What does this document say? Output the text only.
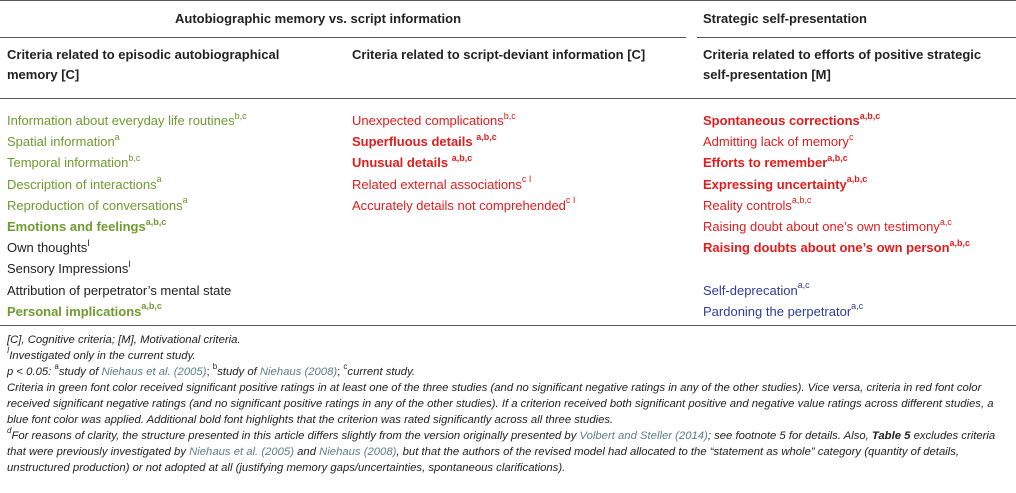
Autobiographic memory vs. script information	Strategic self-presentation
Criteria related to episodic autobiographical memory [C]
Criteria related to script-deviant information [C]	Criteria related to efforts of positive strategic self-presentation [M]
Information about everyday life routines$^{b,c}$
Spatial information$^a$
Temporal information$^{b,c}$
Description of interactions$^a$
Reproduction of conversations$^a$
Emotions and feelings$^{a,b,c}$
Own thoughts$^I$
Sensory Impressions$^I$
Attribution of perpetrator’s mental state
Personal implications$^{a,b,c}$
Unexpected complications$^{b,c}$
Superfluous details $^{a,b,c}$
Unusual details $^{a,b,c}$
Related external associations$^{c I}$
Accurately details not comprehended$^{c I}$
Spontaneous corrections$^{a,b,c}$
Admitting lack of memory$^c$
Efforts to remember$^{a,b,c}$
Expressing uncertainty$^{a,b,c}$
Reality controls$^{a,b,c}$
Raising doubt about one’s own testimony$^{a,c}$
Raising doubts about one’s own person$^{a,b,c}$
Self-deprecation$^{a,c}$
Pardoning the perpetrator$^{a,c}$

[C], Cognitive criteria; [M], Motivational criteria.

$^I$Investigated only in the current study.

p < 0.05: $^a$study of Niehaus et al. (2005); $^b$study of Niehaus (2008); $^c$current study.

Criteria in green font color received significant positive ratings in at least one of the three studies (and no significant negative ratings in any of the other studies). Vice versa, criteria in red font color received significant negative ratings (and no significant positive ratings in any of the other studies). If a criterion received both significant positive and negative value ratings across different studies, a blue font color was applied. Additional bold font highlights that the criterion was rated significantly across all three studies.

$^d$For reasons of clarity, the structure presented in this article differs slightly from the version originally presented by Volbert and Steller (2014); see footnote 5 for details. Also, Table 5 excludes criteria that were previously investigated by Niehaus et al. (2005) and Niehaus (2008), but that the authors of the revised model had allocated to the “statement as whole” category (quantity of details, unstructured production) or not adopted at all (justifying memory gaps/uncertainties, spontaneous clarifications).
